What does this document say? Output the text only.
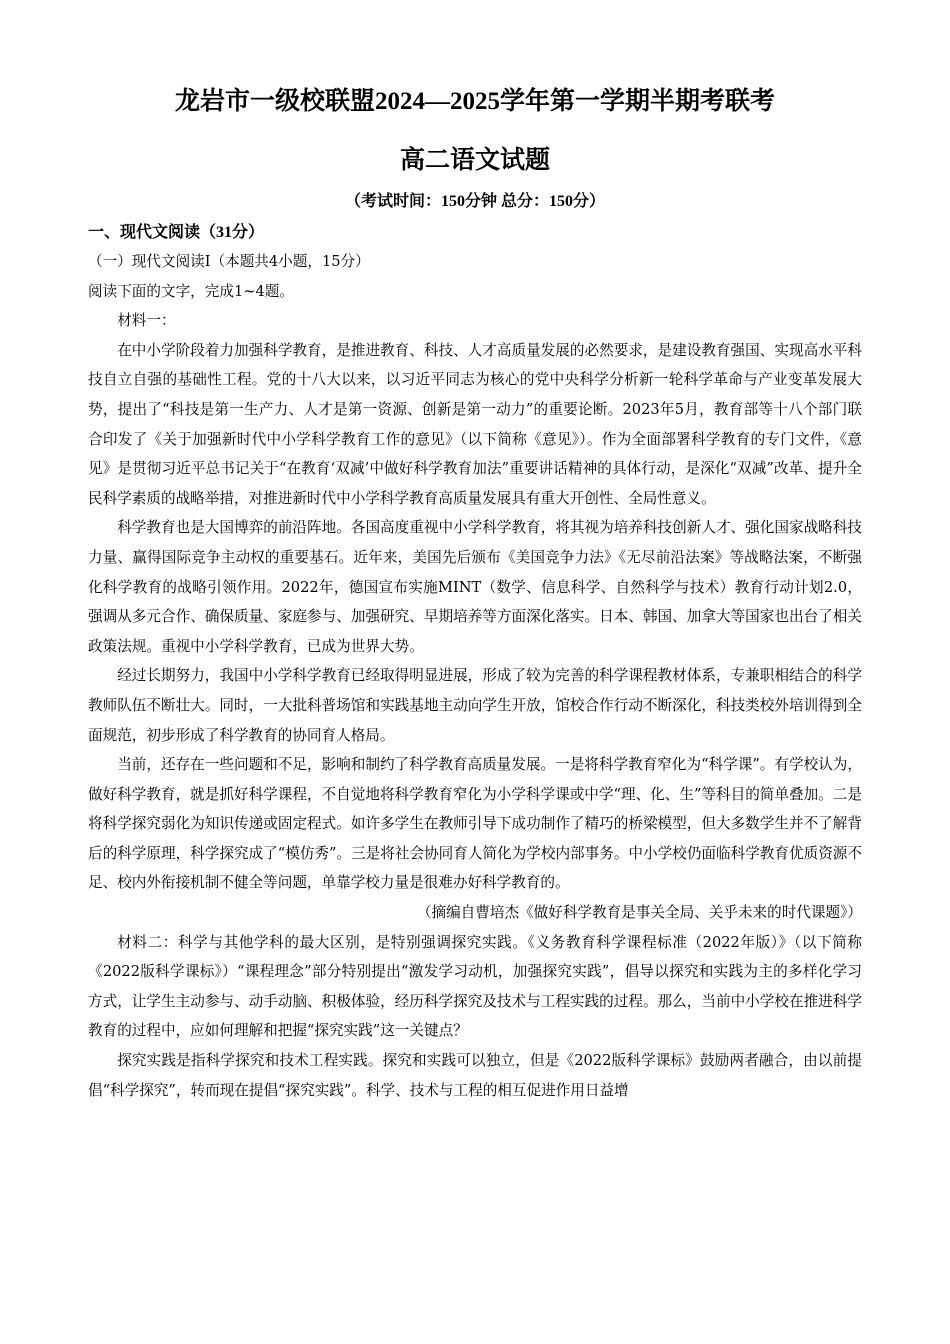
龙岩市一级校联盟2024—2025学年第一学期半期考联考
高二语文试题
（考试时间：150分钟 总分：150分）

一、现代文阅读（31分）

（一）现代文阅读Ⅰ（本题共4小题，15分）

阅读下面的文字，完成1~4题。

材料一：

在中小学阶段着力加强科学教育，是推进教育、科技、人才高质量发展的必然要求，是建设教育强国、实现高水平科技自立自强的基础性工程。党的十八大以来，以习近平同志为核心的党中央科学分析新一轮科学革命与产业变革发展大势，提出了“科技是第一生产力、人才是第一资源、创新是第一动力”的重要论断。2023年5月，教育部等十八个部门联合印发了《关于加强新时代中小学科学教育工作的意见》（以下简称《意见》）。作为全面部署科学教育的专门文件，《意见》是贯彻习近平总书记关于“在教育‘双减’中做好科学教育加法”重要讲话精神的具体行动，是深化“双减”改革、提升全民科学素质的战略举措，对推进新时代中小学科学教育高质量发展具有重大开创性、全局性意义。

科学教育也是大国博弈的前沿阵地。各国高度重视中小学科学教育，将其视为培养科技创新人才、强化国家战略科技力量、赢得国际竞争主动权的重要基石。近年来，美国先后颁布《美国竞争力法》《无尽前沿法案》等战略法案，不断强化科学教育的战略引领作用。2022年，德国宣布实施MINT（数学、信息科学、自然科学与技术）教育行动计划2.0，强调从多元合作、确保质量、家庭参与、加强研究、早期培养等方面深化落实。日本、韩国、加拿大等国家也出台了相关政策法规。重视中小学科学教育，已成为世界大势。

经过长期努力，我国中小学科学教育已经取得明显进展，形成了较为完善的科学课程教材体系，专兼职相结合的科学教师队伍不断壮大。同时，一大批科普场馆和实践基地主动向学生开放，馆校合作行动不断深化，科技类校外培训得到全面规范，初步形成了科学教育的协同育人格局。

当前，还存在一些问题和不足，影响和制约了科学教育高质量发展。一是将科学教育窄化为“科学课”。有学校认为，做好科学教育，就是抓好科学课程，不自觉地将科学教育窄化为小学科学课或中学“理、化、生”等科目的简单叠加。二是将科学探究弱化为知识传递或固定程式。如许多学生在教师引导下成功制作了精巧的桥梁模型，但大多数学生并不了解背后的科学原理，科学探究成了“模仿秀”。三是将社会协同育人简化为学校内部事务。中小学校仍面临科学教育优质资源不足、校内外衔接机制不健全等问题，单靠学校力量是很难办好科学教育的。

（摘编自曹培杰《做好科学教育是事关全局、关乎未来的时代课题》）

材料二：科学与其他学科的最大区别，是特别强调探究实践。《义务教育科学课程标准（2022年版）》（以下简称《2022版科学课标》）“课程理念”部分特别提出“激发学习动机，加强探究实践”，倡导以探究和实践为主的多样化学习方式，让学生主动参与、动手动脑、积极体验，经历科学探究及技术与工程实践的过程。那么，当前中小学校在推进科学教育的过程中，应如何理解和把握“探究实践”这一关键点？

探究实践是指科学探究和技术工程实践。探究和实践可以独立，但是《2022版科学课标》鼓励两者融合，由以前提倡“科学探究”，转而现在提倡“探究实践”。科学、技术与工程的相互促进作用日益增
